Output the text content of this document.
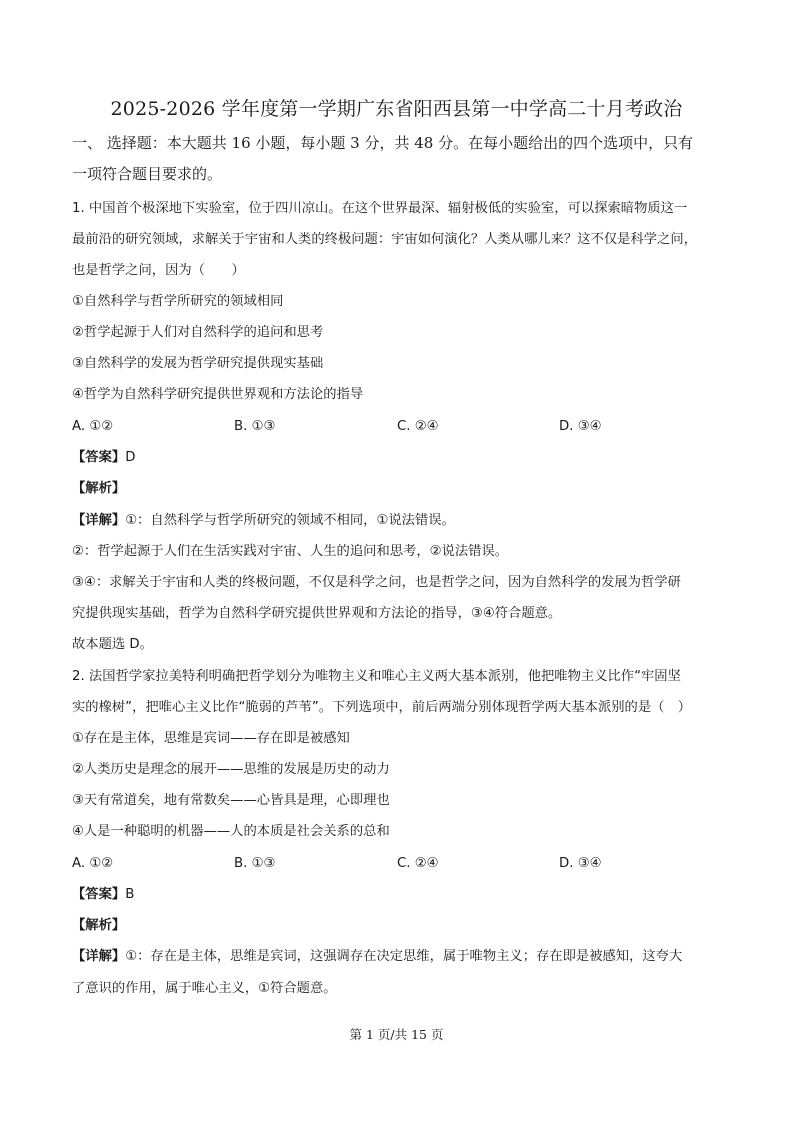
2025-2026 学年度第一学期广东省阳西县第一中学高二十月考政治
一、 选择题：本大题共 16 小题，每小题 3 分，共 48 分。在每小题给出的四个选项中，只有
一项符合题目要求的。
1. 中国首个极深地下实验室，位于四川凉山。在这个世界最深、辐射极低的实验室，可以探索暗物质这一
最前沿的研究领域，求解关于宇宙和人类的终极问题：宇宙如何演化？人类从哪儿来？这不仅是科学之问，
也是哲学之问，因为（　　）
①自然科学与哲学所研究的领域相同
②哲学起源于人们对自然科学的追问和思考
③自然科学的发展为哲学研究提供现实基础
④哲学为自然科学研究提供世界观和方法论的指导
A. ①②	B. ①③	C. ②④	D. ③④
【答案】D
【解析】
【详解】①：自然科学与哲学所研究的领域不相同，①说法错误。
②：哲学起源于人们在生活实践对宇宙、人生的追问和思考，②说法错误。
③④：求解关于宇宙和人类的终极问题，不仅是科学之问，也是哲学之问，因为自然科学的发展为哲学研
究提供现实基础，哲学为自然科学研究提供世界观和方法论的指导，③④符合题意。
故本题选 D。
2. 法国哲学家拉美特利明确把哲学划分为唯物主义和唯心主义两大基本派别，他把唯物主义比作“牢固坚
实的橡树”，把唯心主义比作“脆弱的芦苇”。下列选项中，前后两端分别体现哲学两大基本派别的是（　）
①存在是主体，思维是宾词——存在即是被感知
②人类历史是理念的展开——思维的发展是历史的动力
③天有常道矣，地有常数矣——心皆具是理，心即理也
④人是一种聪明的机器——人的本质是社会关系的总和
A. ①②	B. ①③	C. ②④	D. ③④
【答案】B
【解析】
【详解】①：存在是主体，思维是宾词，这强调存在决定思维，属于唯物主义；存在即是被感知，这夸大
了意识的作用，属于唯心主义，①符合题意。
第 1 页/共 15 页
